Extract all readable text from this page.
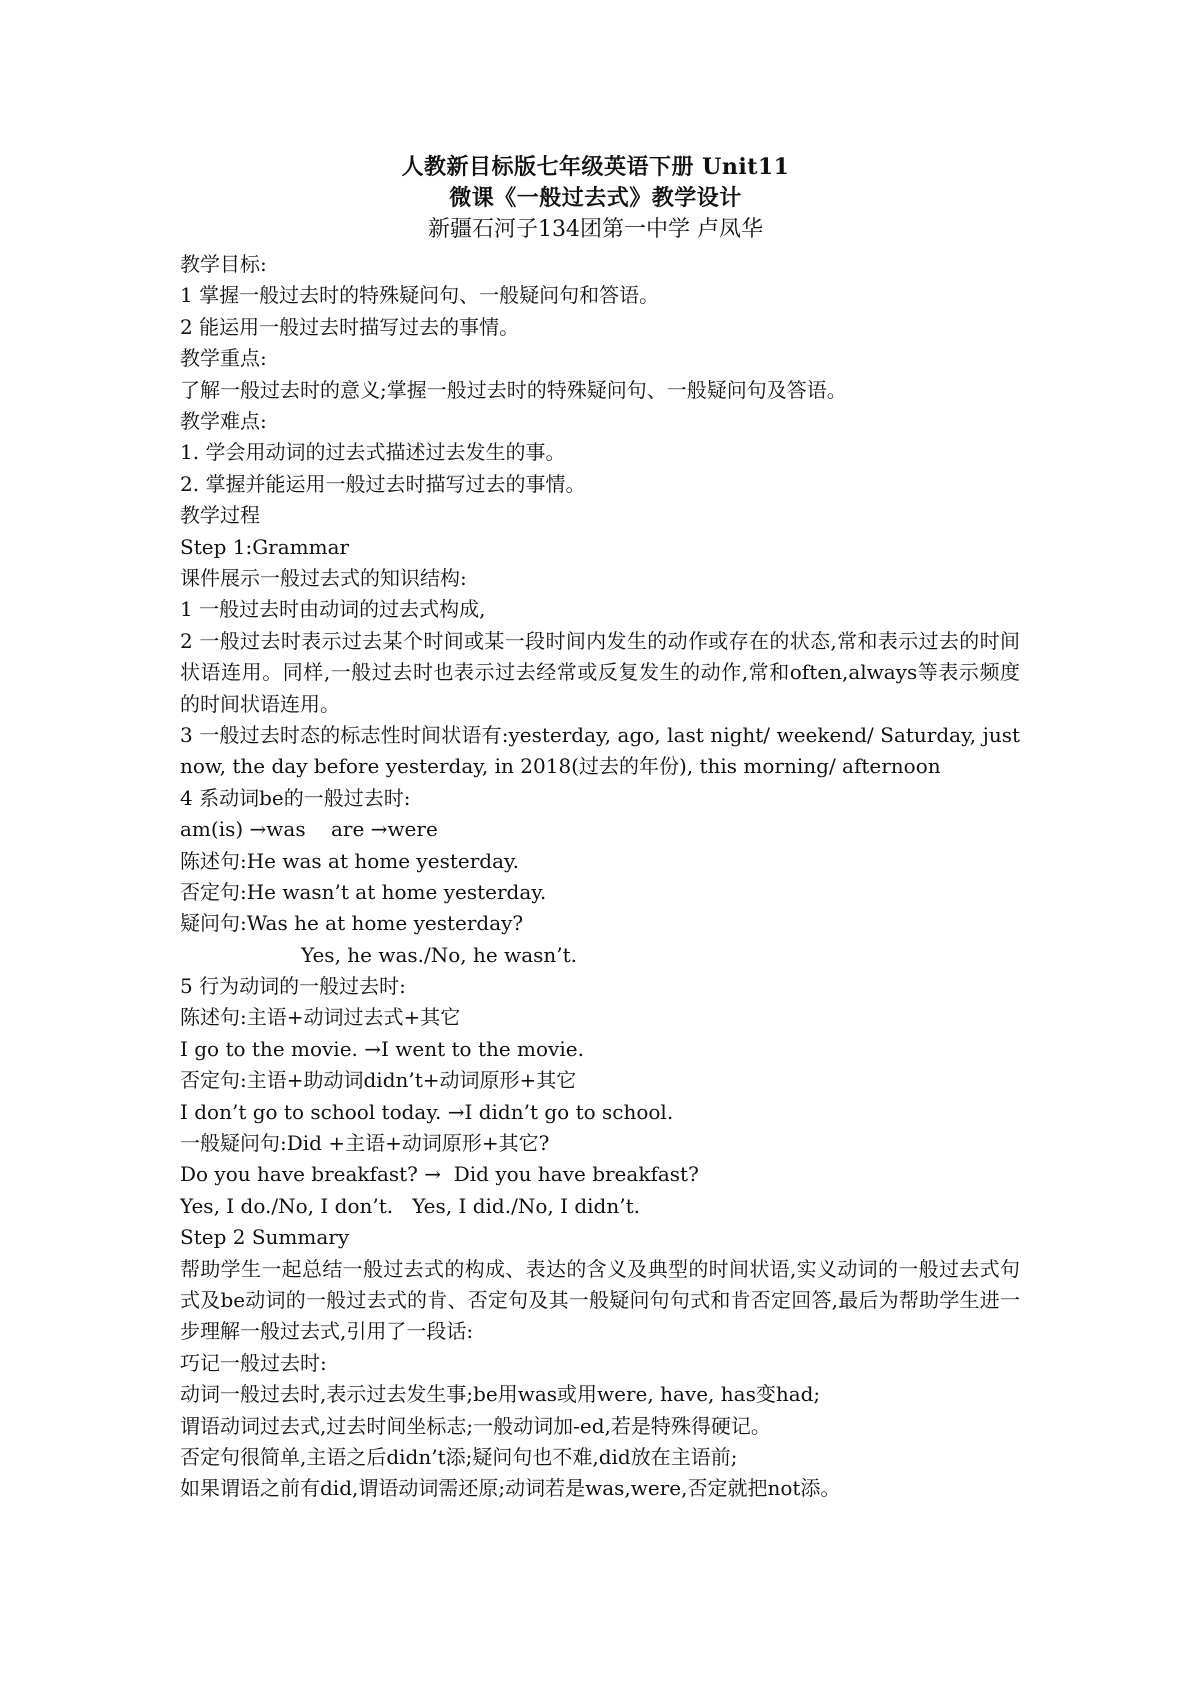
人教新目标版七年级英语下册 Unit11
微课《一般过去式》教学设计
新疆石河子134团第一中学 卢凤华
教学目标:
1 掌握一般过去时的特殊疑问句、一般疑问句和答语。
2 能运用一般过去时描写过去的事情。
教学重点:
了解一般过去时的意义;掌握一般过去时的特殊疑问句、一般疑问句及答语。
教学难点:
1. 学会用动词的过去式描述过去发生的事。
2. 掌握并能运用一般过去时描写过去的事情。
教学过程
Step 1:Grammar
课件展示一般过去式的知识结构:
1 一般过去时由动词的过去式构成,
2 一般过去时表示过去某个时间或某一段时间内发生的动作或存在的状态,常和表示过去的时间状语连用。同样,一般过去时也表示过去经常或反复发生的动作,常和often,always等表示频度的时间状语连用。
3 一般过去时态的标志性时间状语有:yesterday, ago, last night/ weekend/ Saturday, just now, the day before yesterday, in 2018(过去的年份), this morning/ afternoon
4 系动词be的一般过去时:
am(is) →was    are →were
陈述句:He was at home yesterday.
否定句:He wasn’t at home yesterday.
疑问句:Was he at home yesterday?
Yes, he was./No, he wasn’t.
5 行为动词的一般过去时:
陈述句:主语+动词过去式+其它
I go to the movie. →I went to the movie.
否定句:主语+助动词didn’t+动词原形+其它
I don’t go to school today. →I didn’t go to school.
一般疑问句:Did +主语+动词原形+其它?
Do you have breakfast? →  Did you have breakfast?
Yes, I do./No, I don’t.   Yes, I did./No, I didn’t.
Step 2 Summary
帮助学生一起总结一般过去式的构成、表达的含义及典型的时间状语,实义动词的一般过去式句式及be动词的一般过去式的肯、否定句及其一般疑问句句式和肯否定回答,最后为帮助学生进一步理解一般过去式,引用了一段话:
巧记一般过去时:
动词一般过去时,表示过去发生事;be用was或用were, have, has变had;
谓语动词过去式,过去时间坐标志;一般动词加-ed,若是特殊得硬记。
否定句很简单,主语之后didn’t添;疑问句也不难,did放在主语前;
如果谓语之前有did,谓语动词需还原;动词若是was,were,否定就把not添。
